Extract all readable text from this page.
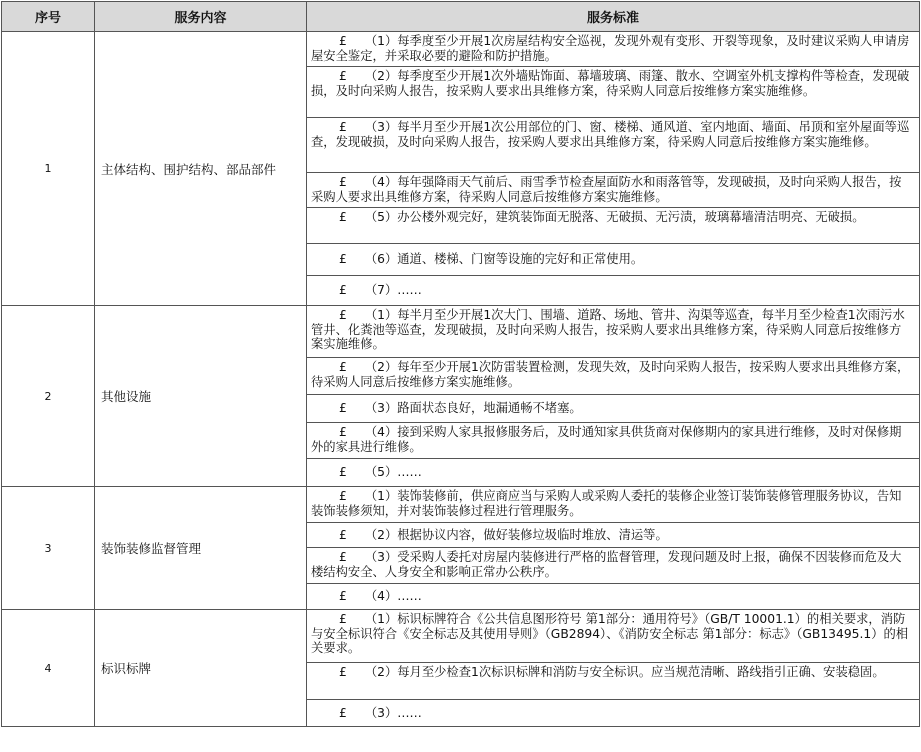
序号	服务内容	服务标准
1	主体结构、围护结构、部品部件	£ （1）每季度至少开展1次房屋结构安全巡视，发现外观有变形、开裂等现象，及时建议采购人申请房屋安全鉴定，并采取必要的避险和防护措施。
		£ （2）每季度至少开展1次外墙贴饰面、幕墙玻璃、雨篷、散水、空调室外机支撑构件等检查，发现破损，及时向采购人报告，按采购人要求出具维修方案，待采购人同意后按维修方案实施维修。
		£ （3）每半月至少开展1次公用部位的门、窗、楼梯、通风道、室内地面、墙面、吊顶和室外屋面等巡查，发现破损，及时向采购人报告，按采购人要求出具维修方案，待采购人同意后按维修方案实施维修。
		£ （4）每年强降雨天气前后、雨雪季节检查屋面防水和雨落管等，发现破损，及时向采购人报告，按采购人要求出具维修方案，待采购人同意后按维修方案实施维修。
		£ （5）办公楼外观完好，建筑装饰面无脱落、无破损、无污渍，玻璃幕墙清洁明亮、无破损。
		£ （6）通道、楼梯、门窗等设施的完好和正常使用。
		£ （7）……
2	其他设施	£ （1）每半月至少开展1次大门、围墙、道路、场地、管井、沟渠等巡查，每半月至少检查1次雨污水管井、化粪池等巡查，发现破损，及时向采购人报告，按采购人要求出具维修方案，待采购人同意后按维修方案实施维修。
		£ （2）每年至少开展1次防雷装置检测，发现失效，及时向采购人报告，按采购人要求出具维修方案，待采购人同意后按维修方案实施维修。
		£ （3）路面状态良好，地漏通畅不堵塞。
		£ （4）接到采购人家具报修服务后，及时通知家具供货商对保修期内的家具进行维修，及时对保修期外的家具进行维修。
		£ （5）……
3	装饰装修监督管理	£ （1）装饰装修前，供应商应当与采购人或采购人委托的装修企业签订装饰装修管理服务协议，告知装饰装修须知，并对装饰装修过程进行管理服务。
		£ （2）根据协议内容，做好装修垃圾临时堆放、清运等。
		£ （3）受采购人委托对房屋内装修进行严格的监督管理，发现问题及时上报，确保不因装修而危及大楼结构安全、人身安全和影响正常办公秩序。
		£ （4）……
4	标识标牌	£ （1）标识标牌符合《公共信息图形符号 第1部分：通用符号》（GB/T 10001.1）的相关要求，消防与安全标识符合《安全标志及其使用导则》（GB2894）、《消防安全标志 第1部分：标志》（GB13495.1）的相关要求。
		£ （2）每月至少检查1次标识标牌和消防与安全标识。应当规范清晰、路线指引正确、安装稳固。
		£ （3）……
